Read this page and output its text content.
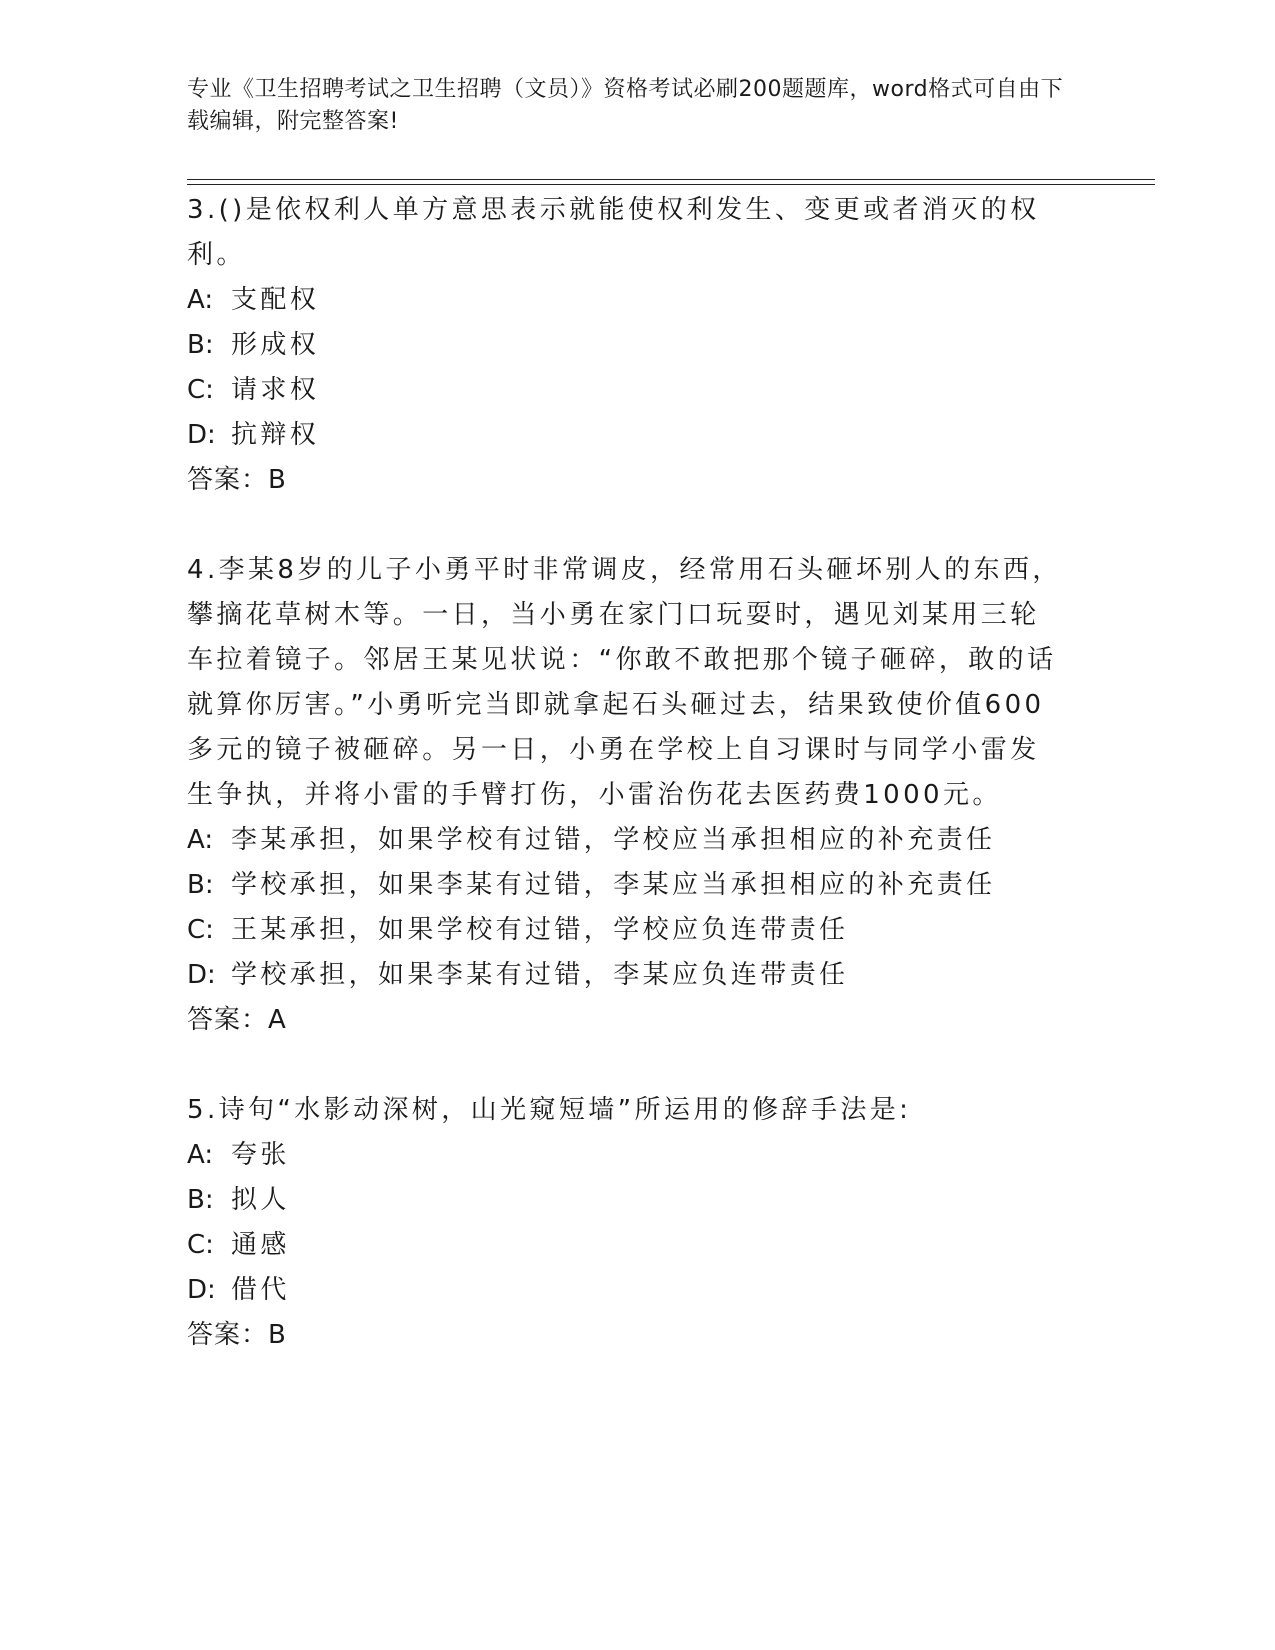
专业《卫生招聘考试之卫生招聘（文员）》资格考试必刷200题题库，word格式可自由下载编辑，附完整答案!
3.()是依权利人单方意思表示就能使权利发生、变更或者消灭的权利。
A: 支配权
B: 形成权
C: 请求权
D: 抗辩权
答案：B
4.李某8岁的儿子小勇平时非常调皮，经常用石头砸坏别人的东西，攀摘花草树木等。一日，当小勇在家门口玩耍时，遇见刘某用三轮车拉着镜子。邻居王某见状说：“你敢不敢把那个镜子砸碎，敢的话就算你厉害。”小勇听完当即就拿起石头砸过去，结果致使价值600多元的镜子被砸碎。另一日，小勇在学校上自习课时与同学小雷发生争执，并将小雷的手臂打伤，小雷治伤花去医药费1000元。
A: 李某承担，如果学校有过错，学校应当承担相应的补充责任
B: 学校承担，如果李某有过错，李某应当承担相应的补充责任
C: 王某承担，如果学校有过错，学校应负连带责任
D: 学校承担，如果李某有过错，李某应负连带责任
答案：A
5.诗句“水影动深树，山光窥短墙”所运用的修辞手法是:
A: 夸张
B: 拟人
C: 通感
D: 借代
答案：B
